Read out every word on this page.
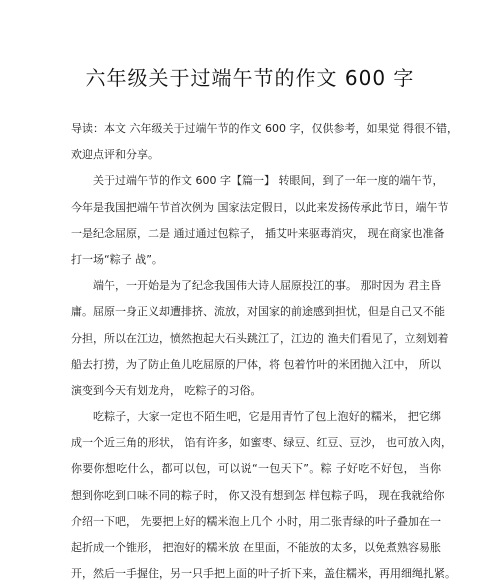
六年级关于过端午节的作文 600 字
导读：本文 六年级关于过端午节的作文 600 字，仅供参考，如果觉 得很不错，
欢迎点评和分享。
关于过端午节的作文 600 字【篇一】 转眼间，到了一年一度的端午节，
今年是我国把端午节首次例为 国家法定假日，以此来发扬传承此节日，端午节
一是纪念屈原，二是 通过通过包粽子， 插艾叶来驱毒消灾， 现在商家也准备
打一场“粽子 战”。
端午，一开始是为了纪念我国伟大诗人屈原投江的事。 那时因为 君主昏
庸。屈原一身正义却遭排挤、流放，对国家的前途感到担忧，但是自己又不能
分担，所以在江边，愤然抱起大石头跳江了，江边的 渔夫们看见了，立刻划着
船去打捞，为了防止鱼儿吃屈原的尸体，将 包着竹叶的米团抛入江中， 所以
演变到今天有划龙舟， 吃粽子的习俗。
吃粽子，大家一定也不陌生吧，它是用青竹了包上泡好的糯米， 把它绑
成一个近三角的形状， 馅有许多，如蜜枣、绿豆、红豆、豆沙， 也可放入肉，
你要你想吃什么，都可以包，可以说“一包天下”。粽 子好吃不好包， 当你
想到你吃到口味不同的粽子时， 你又没有想到怎 样包粽子吗， 现在我就给你
介绍一下吧， 先要把上好的糯米泡上几个 小时，用二张青绿的叶子叠加在一
起折成一个锥形， 把泡好的糯米放 在里面，不能放的太多，以免煮熟容易胀
开，然后一手握住，另一只手把上面的叶子折下来，盖住糯米，再用细绳扎紧。
